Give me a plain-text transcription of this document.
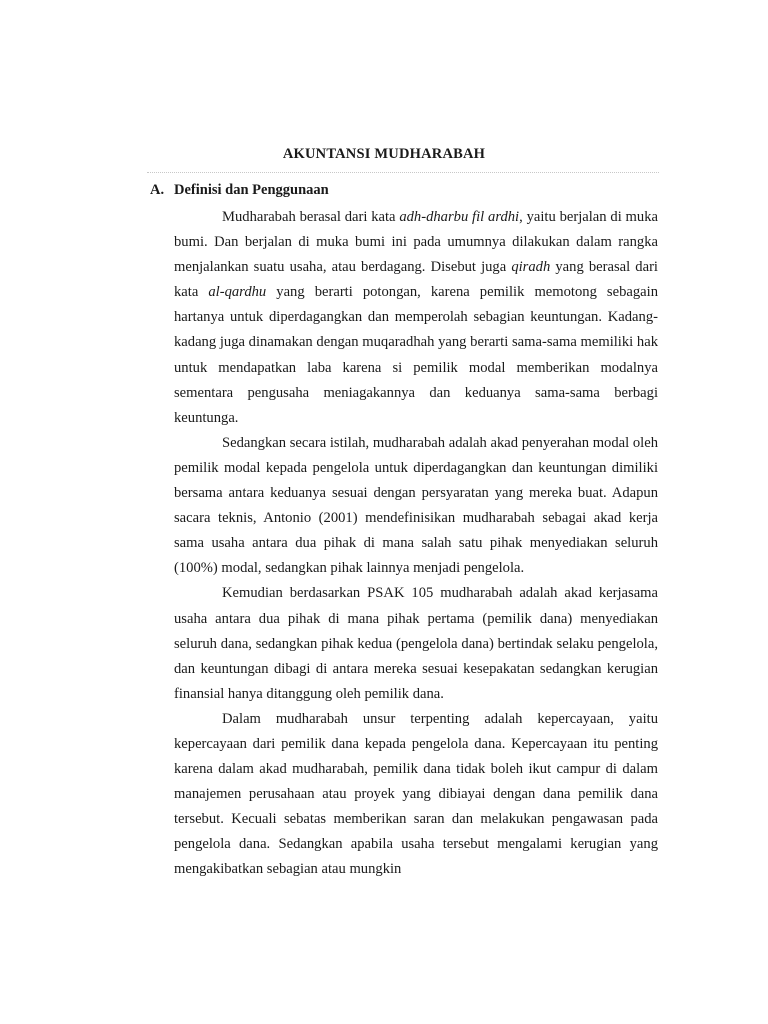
AKUNTANSI MUDHARABAH
A. Definisi dan Penggunaan

Mudharabah berasal dari kata adh-dharbu fil ardhi, yaitu berjalan di muka bumi. Dan berjalan di muka bumi ini pada umumnya dilakukan dalam rangka menjalankan suatu usaha, atau berdagang. Disebut juga qiradh yang berasal dari kata al-qardhu yang berarti potongan, karena pemilik memotong sebagain hartanya untuk diperdagangkan dan memperolah sebagian keuntungan. Kadang-kadang juga dinamakan dengan muqaradhah yang berarti sama-sama memiliki hak untuk mendapatkan laba karena si pemilik modal memberikan modalnya sementara pengusaha meniagakannya dan keduanya sama-sama berbagi keuntunga.

Sedangkan secara istilah, mudharabah adalah akad penyerahan modal oleh pemilik modal kepada pengelola untuk diperdagangkan dan keuntungan dimiliki bersama antara keduanya sesuai dengan persyaratan yang mereka buat. Adapun sacara teknis, Antonio (2001) mendefinisikan mudharabah sebagai akad kerja sama usaha antara dua pihak di mana salah satu pihak menyediakan seluruh (100%) modal, sedangkan pihak lainnya menjadi pengelola.

Kemudian berdasarkan PSAK 105 mudharabah adalah akad kerjasama usaha antara dua pihak di mana pihak pertama (pemilik dana) menyediakan seluruh dana, sedangkan pihak kedua (pengelola dana) bertindak selaku pengelola, dan keuntungan dibagi di antara mereka sesuai kesepakatan sedangkan kerugian finansial hanya ditanggung oleh pemilik dana.

Dalam mudharabah unsur terpenting adalah kepercayaan, yaitu kepercayaan dari pemilik dana kepada pengelola dana. Kepercayaan itu penting karena dalam akad mudharabah, pemilik dana tidak boleh ikut campur di dalam manajemen perusahaan atau proyek yang dibiayai dengan dana pemilik dana tersebut. Kecuali sebatas memberikan saran dan melakukan pengawasan pada pengelola dana. Sedangkan apabila usaha tersebut mengalami kerugian yang mengakibatkan sebagian atau mungkin
